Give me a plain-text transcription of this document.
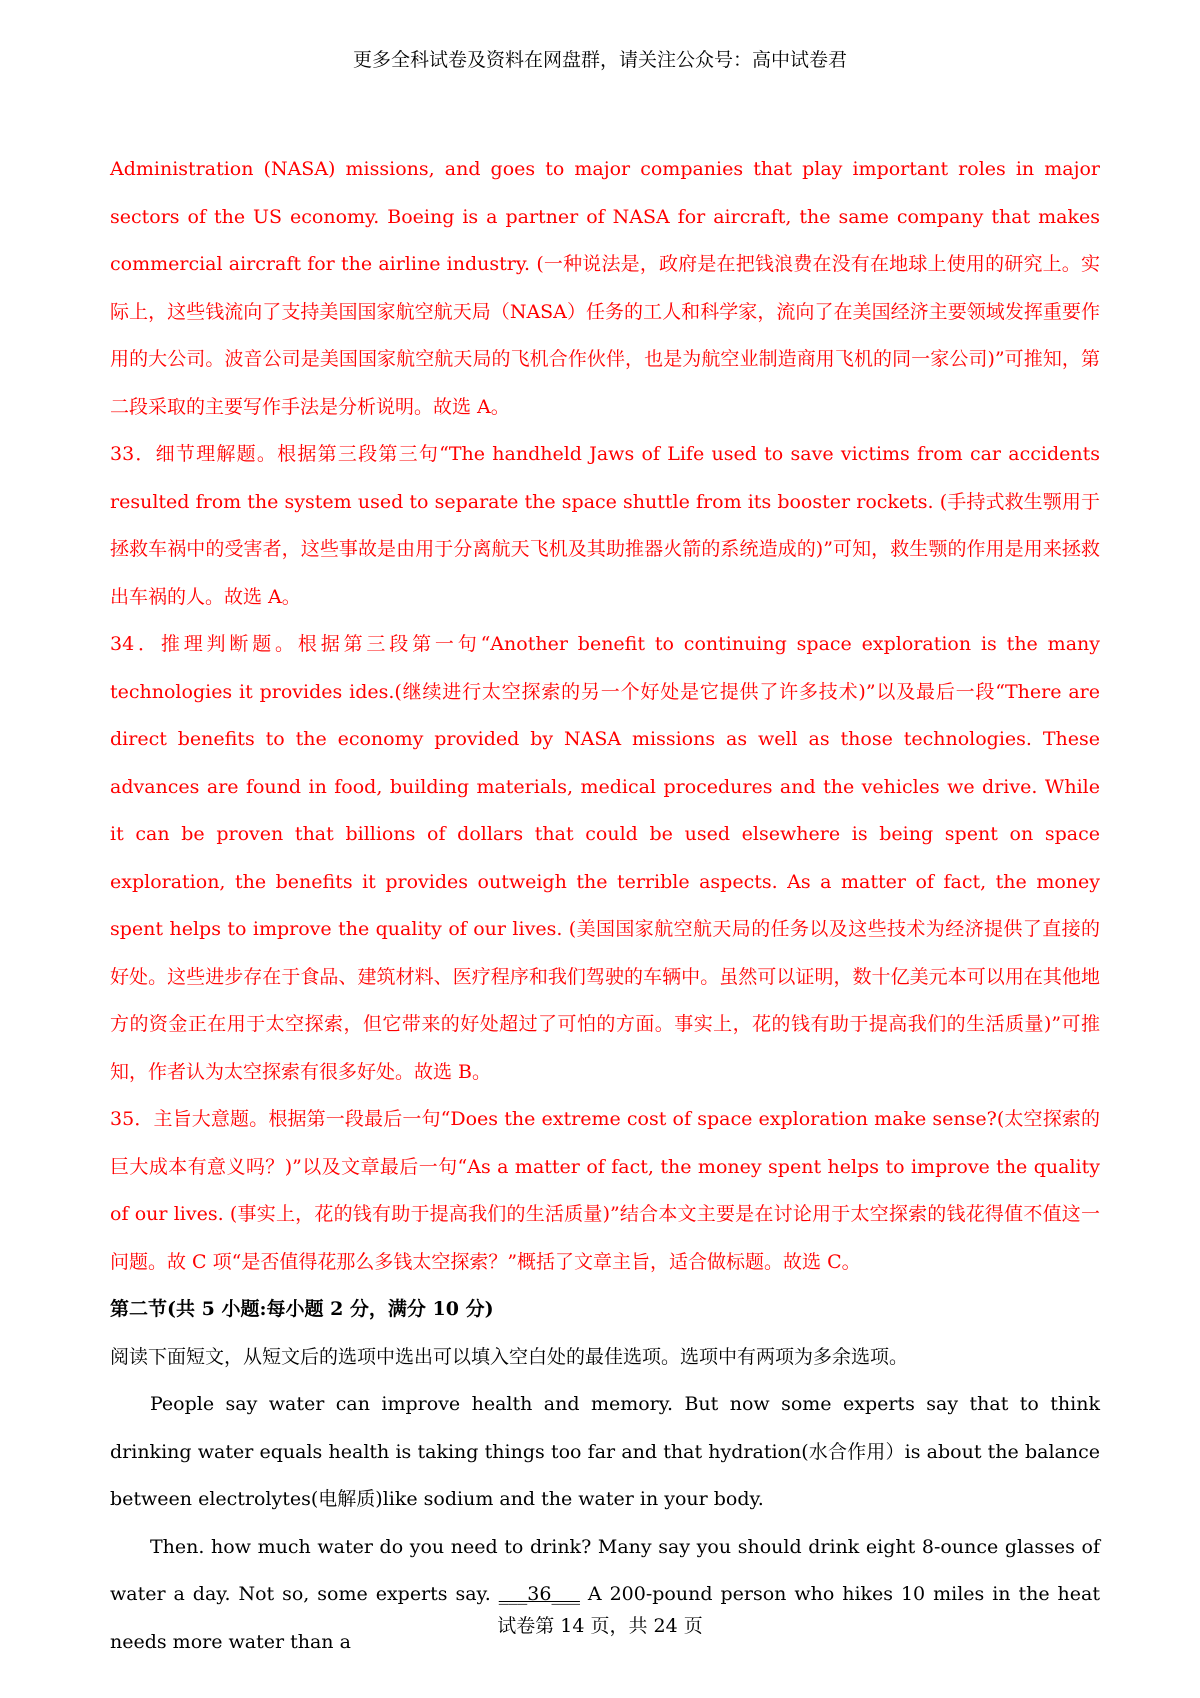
更多全科试卷及资料在网盘群，请关注公众号：高中试卷君

Administration (NASA) missions, and goes to major companies that play important roles in major sectors of the US economy. Boeing is a partner of NASA for aircraft, the same company that makes commercial aircraft for the airline industry. (一种说法是，政府是在把钱浪费在没有在地球上使用的研究上。实际上，这些钱流向了支持美国国家航空航天局（NASA）任务的工人和科学家，流向了在美国经济主要领域发挥重要作用的大公司。波音公司是美国国家航空航天局的飞机合作伙伴，也是为航空业制造商用飞机的同一家公司)”可推知，第二段采取的主要写作手法是分析说明。故选 A。

33．细节理解题。根据第三段第三句“The handheld Jaws of Life used to save victims from car accidents resulted from the system used to separate the space shuttle from its booster rockets. (手持式救生颚用于拯救车祸中的受害者，这些事故是由用于分离航天飞机及其助推器火箭的系统造成的)”可知，救生颚的作用是用来拯救出车祸的人。故选 A。

34．推理判断题。根据第三段第一句“Another benefit to continuing space exploration is the many technologies it provides ides.(继续进行太空探索的另一个好处是它提供了许多技术)”以及最后一段“There are direct benefits to the economy provided by NASA missions as well as those technologies. These advances are found in food, building materials, medical procedures and the vehicles we drive. While it can be proven that billions of dollars that could be used elsewhere is being spent on space exploration, the benefits it provides outweigh the terrible aspects. As a matter of fact, the money spent helps to improve the quality of our lives. (美国国家航空航天局的任务以及这些技术为经济提供了直接的好处。这些进步存在于食品、建筑材料、医疗程序和我们驾驶的车辆中。虽然可以证明，数十亿美元本可以用在其他地方的资金正在用于太空探索，但它带来的好处超过了可怕的方面。事实上，花的钱有助于提高我们的生活质量)”可推知，作者认为太空探索有很多好处。故选 B。

35．主旨大意题。根据第一段最后一句“Does the extreme cost of space exploration make sense?(太空探索的巨大成本有意义吗？)”以及文章最后一句“As a matter of fact, the money spent helps to improve the quality of our lives. (事实上，花的钱有助于提高我们的生活质量)”结合本文主要是在讨论用于太空探索的钱花得值不值这一问题。故 C 项“是否值得花那么多钱太空探索？”概括了文章主旨，适合做标题。故选 C。

第二节(共 5 小题:每小题 2 分，满分 10 分)

阅读下面短文，从短文后的选项中选出可以填入空白处的最佳选项。选项中有两项为多余选项。

People say water can improve health and memory. But now some experts say that to think drinking water equals health is taking things too far and that hydration(水合作用）is about the balance between electrolytes(电解质)like sodium and the water in your body.

Then. how much water do you need to drink? Many say you should drink eight 8-ounce glasses of water a day. Not so, some experts say. ___36___ A 200-pound person who hikes 10 miles in the heat needs more water than a

试卷第 14 页，共 24 页
